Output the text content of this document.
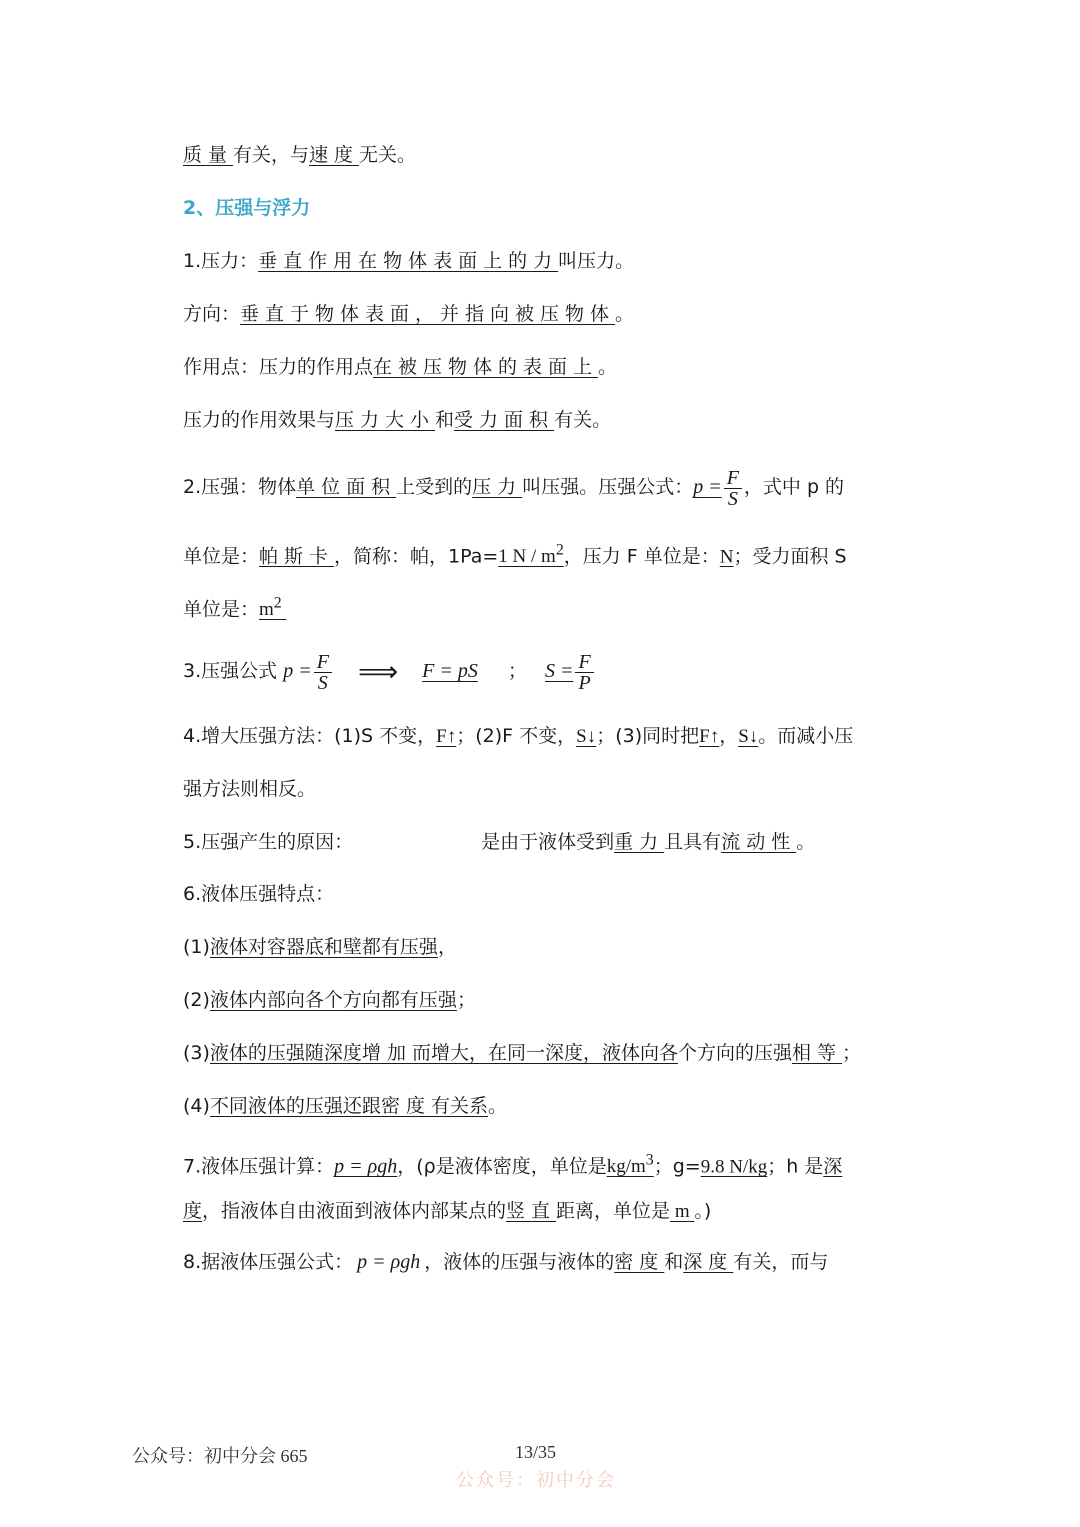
质量有关，与速度无关。
2、压强与浮力
1.压力：垂直作用在物体表面上的力叫压力。
方向：垂直于物体表面，并指向被压物体。
作用点：压力的作用点在被压物体的表面上。
压力的作用效果与压力大小和受力面积有关。
2.压强：物体单位面积上受到的压力叫压强。压强公式：$p = \frac{F}{S}$ ，式中 p 的
单位是：帕斯卡，简称：帕，1Pa=1 N / $m^2$，压力 F 单位是：N；受力面积 S
单位是：$m^2$
3.压强公式 $p = \frac{F}{S}$ ⟹ F = pS ； $S = \frac{F}{P}$
4.增大压强方法：(1)S 不变，F↑；(2)F 不变，S↓；(3)同时把F↑，S↓。而减小压
强方法则相反。
5.压强产生的原因：	是由于液体受到重力且具有流动性。
6.液体压强特点：
(1)液体对容器底和壁都有压强，
(2)液体内部向各个方向都有压强；
(3)液体的压强随深度增加而增大，在同一深度，液体向各个方向的压强相等；
(4)不同液体的压强还跟密度有关系。
7.液体压强计算：p = ρgh，(ρ是液体密度，单位是$kg/m^3$；g=9.8 N/kg；h 是深
度，指液体自由液面到液体内部某点的竖直距离，单位是 m 。)
8.据液体压强公式： p = ρgh ，液体的压强与液体的密度和深度有关，而与
公众号：初中分会 665	13/35
公众号：初中分会
